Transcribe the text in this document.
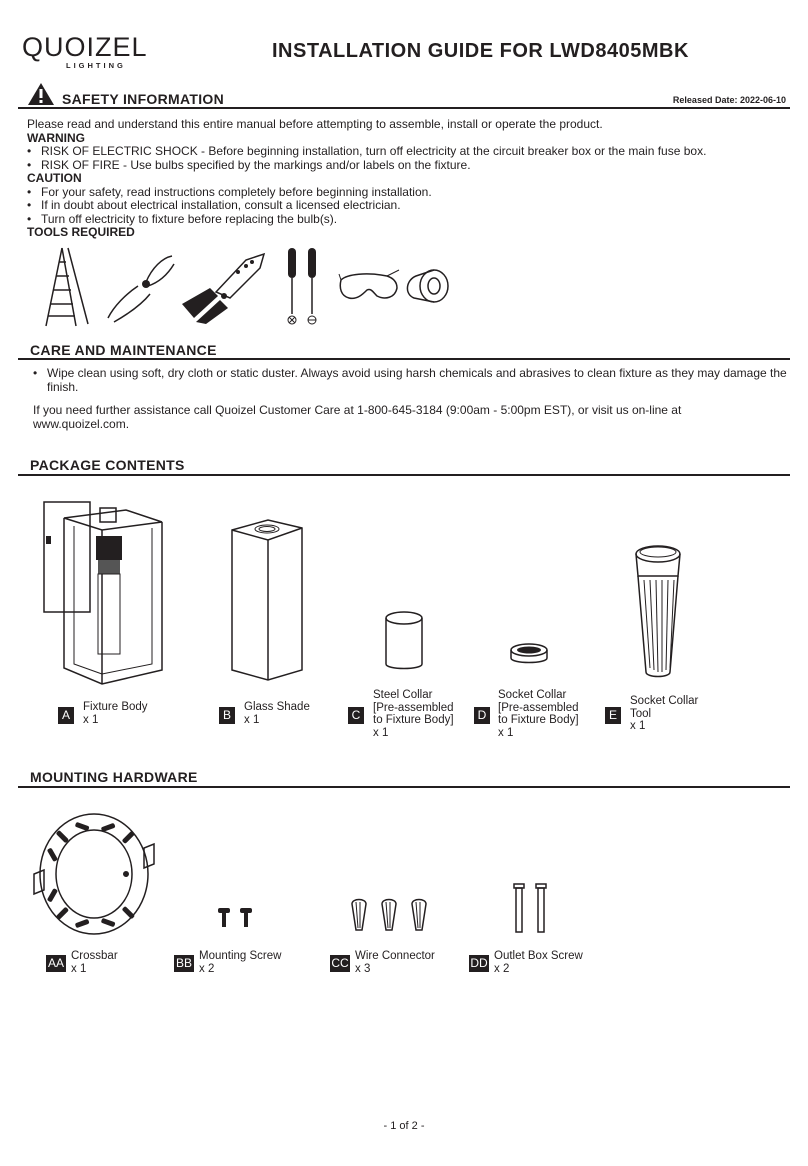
QUOIZEL
LIGHTING
INSTALLATION GUIDE FOR LWD8405MBK
SAFETY INFORMATION	Released Date: 2022-06-10
Please read and understand this entire manual before attempting to assemble, install or operate the product.
WARNING
• RISK OF ELECTRIC SHOCK - Before beginning installation, turn off electricity at the circuit breaker box or the main fuse box.
• RISK OF FIRE - Use bulbs specified by the markings and/or labels on the fixture.
CAUTION
• For your safety, read instructions completely before beginning installation.
• If in doubt about electrical installation, consult a licensed electrician.
• Turn off electricity to fixture before replacing the bulb(s).
TOOLS REQUIRED
CARE AND MAINTENANCE
• Wipe clean using soft, dry cloth or static duster. Always avoid using harsh chemicals and abrasives to clean fixture as they may damage the finish.
If you need further assistance call Quoizel Customer Care at 1-800-645-3184 (9:00am - 5:00pm EST), or visit us on-line at www.quoizel.com.
PACKAGE CONTENTS
A
Fixture Body
x 1	B
Glass Shade
x 1	C
Steel Collar
[Pre-assembled
to Fixture Body]
x 1
D
Socket Collar
[Pre-assembled
to Fixture Body]
x 1
E
Socket Collar
Tool
x 1
MOUNTING HARDWARE
AA Crossbar
x 1	BB Mounting Screw
x 2	CC Wire Connector
x 3	DD Outlet Box Screw
x 2
- 1 of 2 -
